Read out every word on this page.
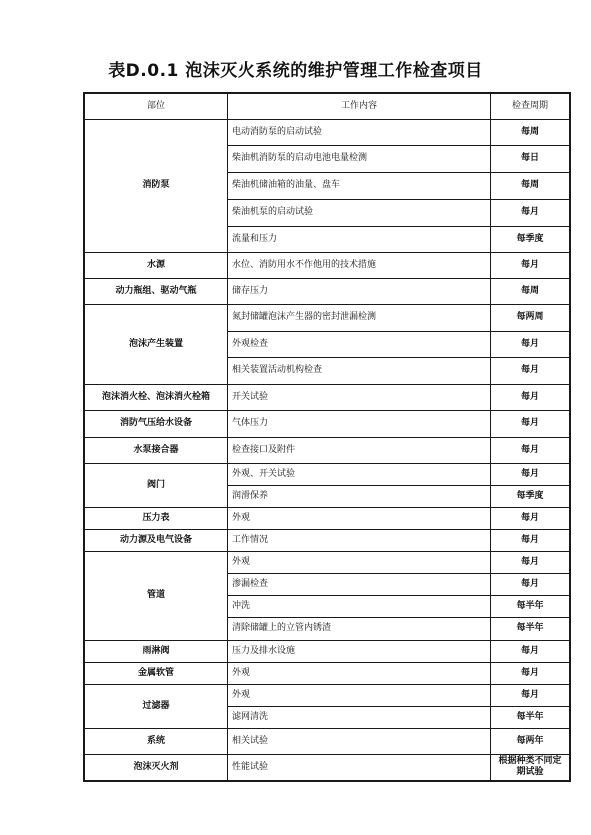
表D.0.1 泡沫灭火系统的维护管理工作检查项目
部位	工作内容	检查周期
消防泵	电动消防泵的启动试验	每周
	柴油机消防泵的启动电池电量检测	每日
	柴油机储油箱的油量、盘车	每周
	柴油机泵的启动试验	每月
	流量和压力	每季度
水源	水位、消防用水不作他用的技术措施	每月
动力瓶组、驱动气瓶	储存压力	每周
泡沫产生装置	氮封储罐泡沫产生器的密封泄漏检测	每两周
	外观检查	每月
	相关装置活动机构检查	每月
泡沫消火栓、泡沫消火栓箱	开关试验	每月
消防气压给水设备	气体压力	每月
水泵接合器	检查接口及附件	每月
阀门	外观、开关试验	每月
	润滑保养	每季度
压力表	外观	每月
动力源及电气设备	工作情况	每月
管道	外观	每月
	渗漏检查	每月
	冲洗	每半年
	清除储罐上的立管内锈渣	每半年
雨淋阀	压力及排水设施	每月
金属软管	外观	每月
过滤器	外观	每月
	滤网清洗	每半年
系统	相关试验	每两年
泡沫灭火剂	性能试验	根据种类不同定期试验
